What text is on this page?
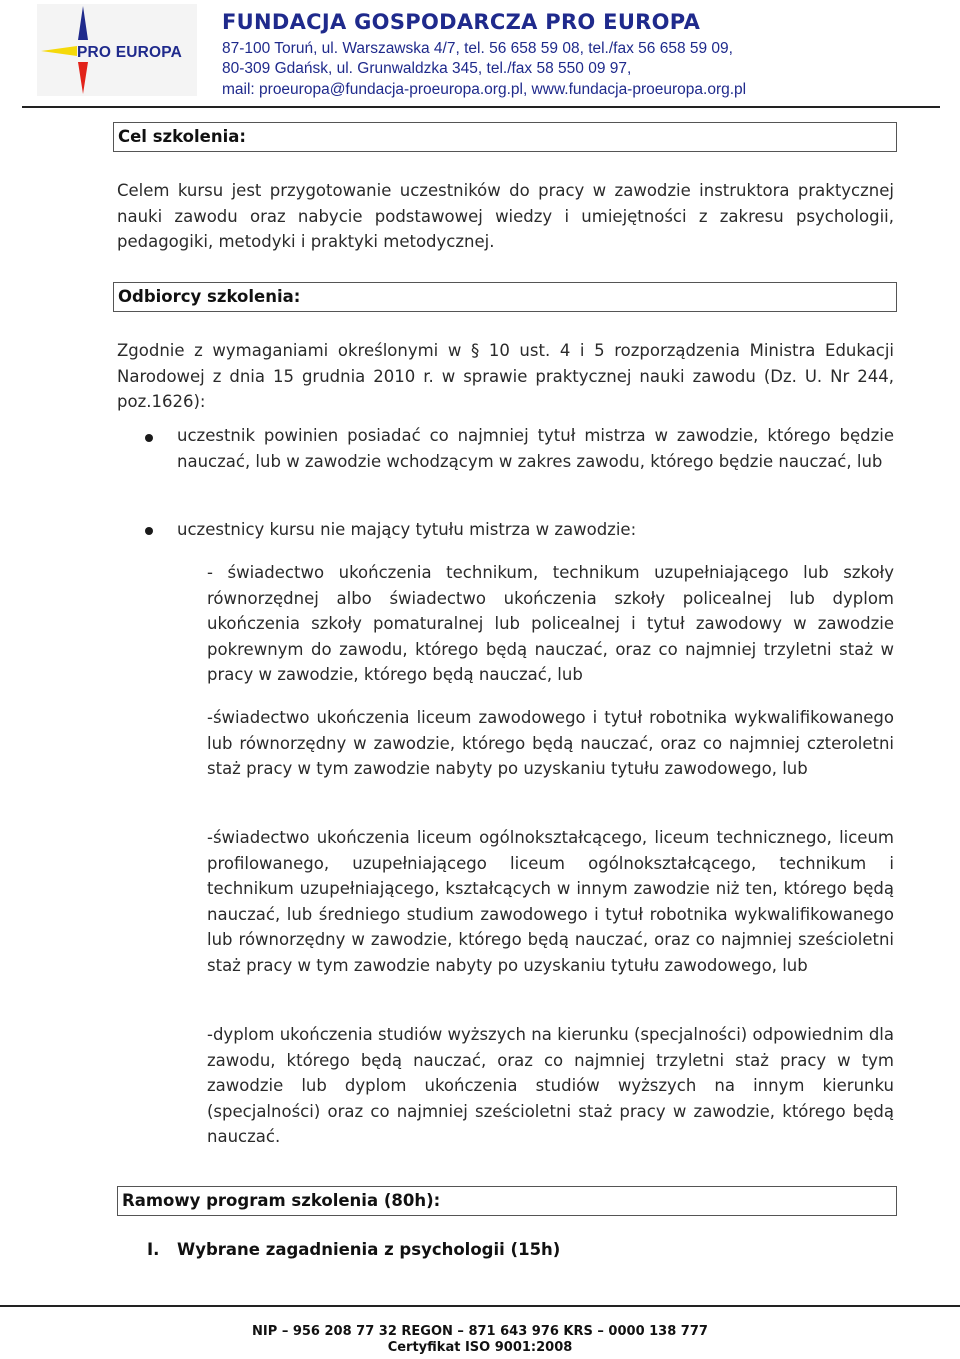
PRO EUROPA
FUNDACJA GOSPODARCZA PRO EUROPA
87-100 Toruń, ul. Warszawska 4/7, tel. 56 658 59 08, tel./fax 56 658 59 09,
80-309 Gdańsk, ul. Grunwaldzka 345, tel./fax 58 550 09 97,
mail: proeuropa@fundacja-proeuropa.org.pl, www.fundacja-proeuropa.org.pl
Cel szkolenia:

Celem kursu jest przygotowanie uczestników do pracy w zawodzie instruktora praktycznej nauki zawodu oraz nabycie podstawowej wiedzy i umiejętności z zakresu psychologii, pedagogiki, metodyki i praktyki metodycznej.

Odbiorcy szkolenia:

Zgodnie z wymaganiami określonymi w § 10 ust. 4 i 5 rozporządzenia Ministra Edukacji Narodowej z dnia 15 grudnia 2010 r. w sprawie praktycznej nauki zawodu (Dz. U. Nr 244, poz.1626):

uczestnik powinien posiadać co najmniej tytuł mistrza w zawodzie, którego będzie nauczać, lub w zawodzie wchodzącym w zakres zawodu, którego będzie nauczać, lub

uczestnicy kursu nie mający tytułu mistrza w zawodzie:

- świadectwo ukończenia technikum, technikum uzupełniającego lub szkoły równorzędnej albo świadectwo ukończenia szkoły policealnej lub dyplom ukończenia szkoły pomaturalnej lub policealnej i tytuł zawodowy w zawodzie pokrewnym do zawodu, którego będą nauczać, oraz co najmniej trzyletni staż w pracy w zawodzie, którego będą nauczać, lub

-świadectwo ukończenia liceum zawodowego i tytuł robotnika wykwalifikowanego lub równorzędny w zawodzie, którego będą nauczać, oraz co najmniej czteroletni staż pracy w tym zawodzie nabyty po uzyskaniu tytułu zawodowego, lub

-świadectwo ukończenia liceum ogólnokształcącego, liceum technicznego, liceum profilowanego, uzupełniającego liceum ogólnokształcącego, technikum i technikum uzupełniającego, kształcących w innym zawodzie niż ten, którego będą nauczać, lub średniego studium zawodowego i tytuł robotnika wykwalifikowanego lub równorzędny w zawodzie, którego będą nauczać, oraz co najmniej sześcioletni staż pracy w tym zawodzie nabyty po uzyskaniu tytułu zawodowego, lub

-dyplom ukończenia studiów wyższych na kierunku (specjalności) odpowiednim dla zawodu, którego będą nauczać, oraz co najmniej trzyletni staż pracy w tym zawodzie lub dyplom ukończenia studiów wyższych na innym kierunku (specjalności) oraz co najmniej sześcioletni staż pracy w zawodzie, którego będą nauczać.

Ramowy program szkolenia (80h):
I. Wybrane zagadnienia z psychologii (15h)
NIP – 956 208 77 32 REGON – 871 643 976 KRS – 0000 138 777
Certyfikat ISO 9001:2008
